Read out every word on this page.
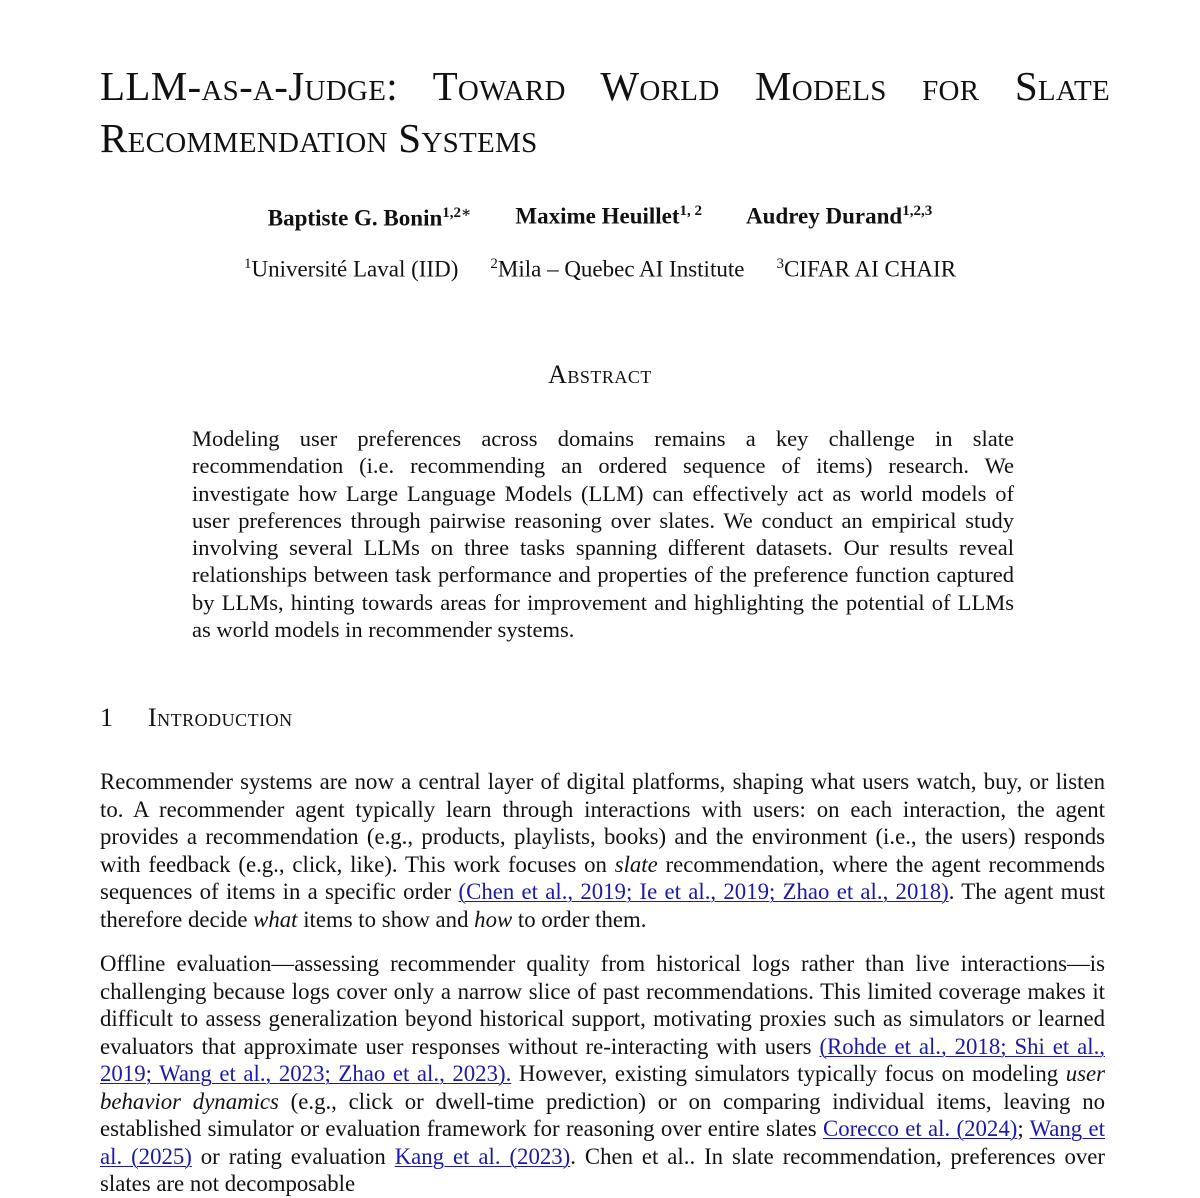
LLM-as-a-Judge: Toward World Models for Slate Recommendation Systems
Baptiste G. Bonin$^{1,2∗}$ Maxime Heuillet$^{1, 2}$ Audrey Durand$^{1,2,3}$
$^1$Université Laval (IID) $^2$Mila – Quebec AI Institute $^3$CIFAR AI CHAIR
Abstract

Modeling user preferences across domains remains a key challenge in slate recommendation (i.e. recommending an ordered sequence of items) research. We investigate how Large Language Models (LLM) can effectively act as world models of user preferences through pairwise reasoning over slates. We conduct an empirical study involving several LLMs on three tasks spanning different datasets. Our results reveal relationships between task performance and properties of the preference function captured by LLMs, hinting towards areas for improvement and highlighting the potential of LLMs as world models in recommender systems.

1 Introduction

Recommender systems are now a central layer of digital platforms, shaping what users watch, buy, or listen to. A recommender agent typically learn through interactions with users: on each interaction, the agent provides a recommendation (e.g., products, playlists, books) and the environment (i.e., the users) responds with feedback (e.g., click, like). This work focuses on slate recommendation, where the agent recommends sequences of items in a specific order (Chen et al., 2019; Ie et al., 2019; Zhao et al., 2018). The agent must therefore decide what items to show and how to order them.

Offline evaluation—assessing recommender quality from historical logs rather than live interactions—is challenging because logs cover only a narrow slice of past recommendations. This limited coverage makes it difficult to assess generalization beyond historical support, motivating proxies such as simulators or learned evaluators that approximate user responses without re-interacting with users (Rohde et al., 2018; Shi et al., 2019; Wang et al., 2023; Zhao et al., 2023). However, existing simulators typically focus on modeling user behavior dynamics (e.g., click or dwell-time prediction) or on comparing individual items, leaving no established simulator or evaluation framework for reasoning over entire slates Corecco et al. (2024); Wang et al. (2025) or rating evaluation Kang et al. (2023). Chen et al.. In slate recommendation, preferences over slates are not decomposable
